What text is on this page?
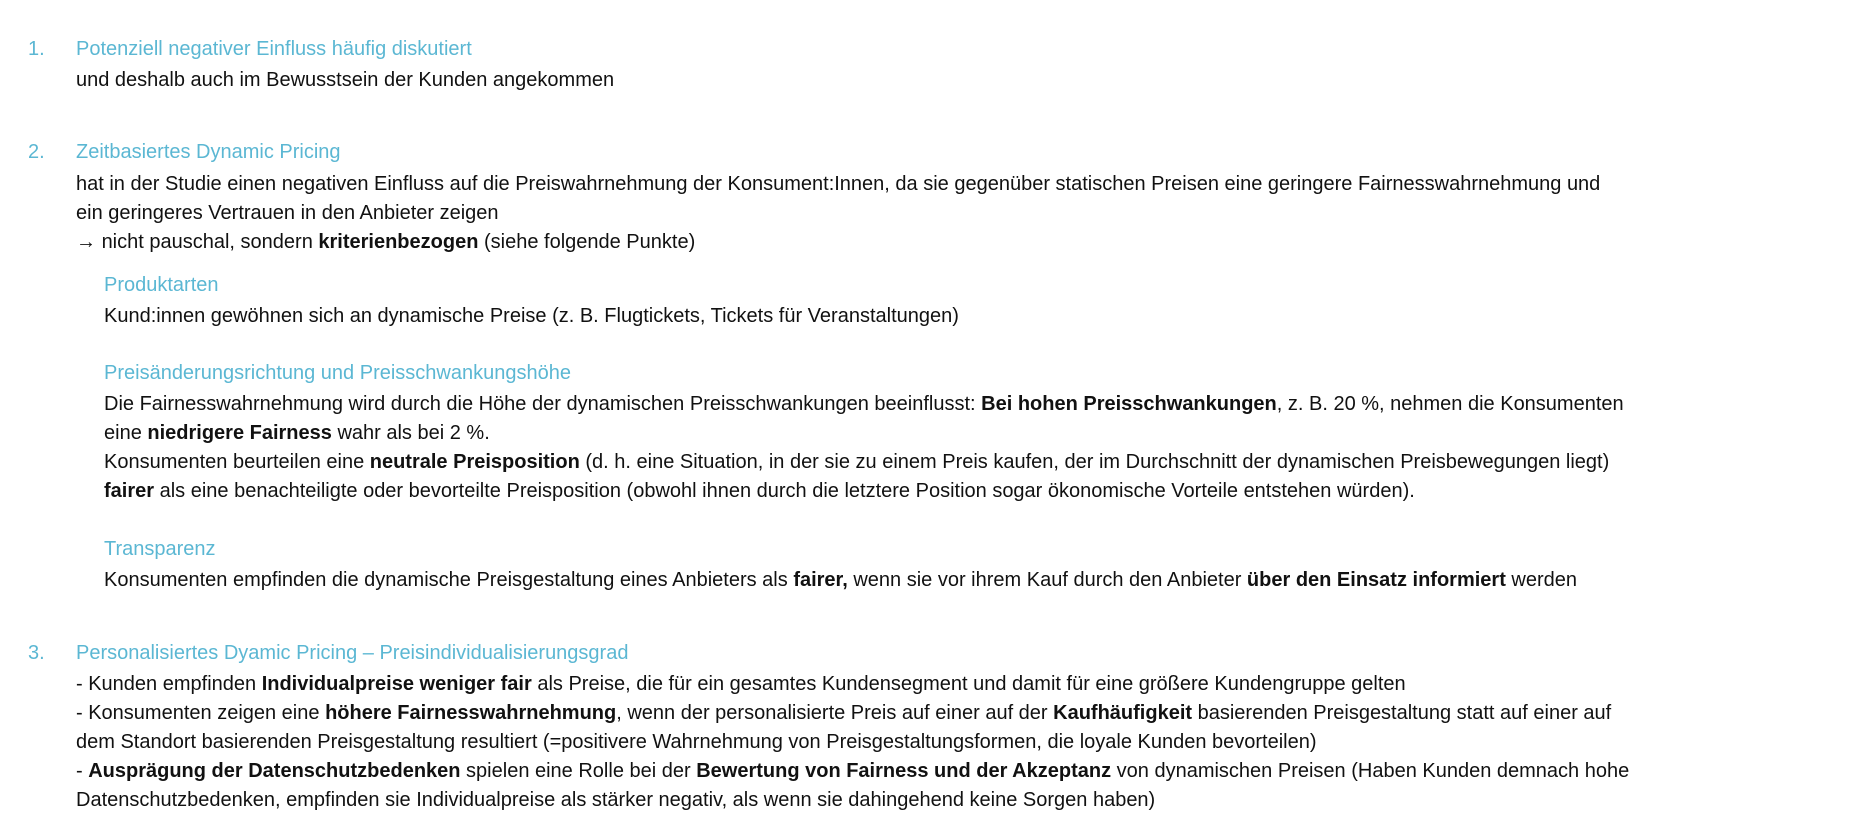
1. Potenziell negativer Einfluss häufig diskutiert
und deshalb auch im Bewusstsein der Kunden angekommen
2. Zeitbasiertes Dynamic Pricing
hat in der Studie einen negativen Einfluss auf die Preiswahrnehmung der Konsument:Innen, da sie gegenüber statischen Preisen eine geringere Fairnesswahrnehmung und
ein geringeres Vertrauen in den Anbieter zeigen
→ nicht pauschal, sondern kriterienbezogen (siehe folgende Punkte)
Produktarten
Kund:innen gewöhnen sich an dynamische Preise (z. B. Flugtickets, Tickets für Veranstaltungen)
Preisänderungsrichtung und Preisschwankungshöhe
Die Fairnesswahrnehmung wird durch die Höhe der dynamischen Preisschwankungen beeinflusst: Bei hohen Preisschwankungen, z. B. 20 %, nehmen die Konsumenten
eine niedrigere Fairness wahr als bei 2 %.
Konsumenten beurteilen eine neutrale Preisposition (d. h. eine Situation, in der sie zu einem Preis kaufen, der im Durchschnitt der dynamischen Preisbewegungen liegt)
fairer als eine benachteiligte oder bevorteilte Preisposition (obwohl ihnen durch die letztere Position sogar ökonomische Vorteile entstehen würden).
Transparenz
Konsumenten empfinden die dynamische Preisgestaltung eines Anbieters als fairer, wenn sie vor ihrem Kauf durch den Anbieter über den Einsatz informiert werden
3. Personalisiertes Dyamic Pricing – Preisindividualisierungsgrad
- Kunden empfinden Individualpreise weniger fair als Preise, die für ein gesamtes Kundensegment und damit für eine größere Kundengruppe gelten
- Konsumenten zeigen eine höhere Fairnesswahrnehmung, wenn der personalisierte Preis auf einer auf der Kaufhäufigkeit basierenden Preisgestaltung statt auf einer auf
dem Standort basierenden Preisgestaltung resultiert (=positivere Wahrnehmung von Preisgestaltungsformen, die loyale Kunden bevorteilen)
- Ausprägung der Datenschutzbedenken spielen eine Rolle bei der Bewertung von Fairness und der Akzeptanz von dynamischen Preisen (Haben Kunden demnach hohe
Datenschutzbedenken, empfinden sie Individualpreise als stärker negativ, als wenn sie dahingehend keine Sorgen haben)
